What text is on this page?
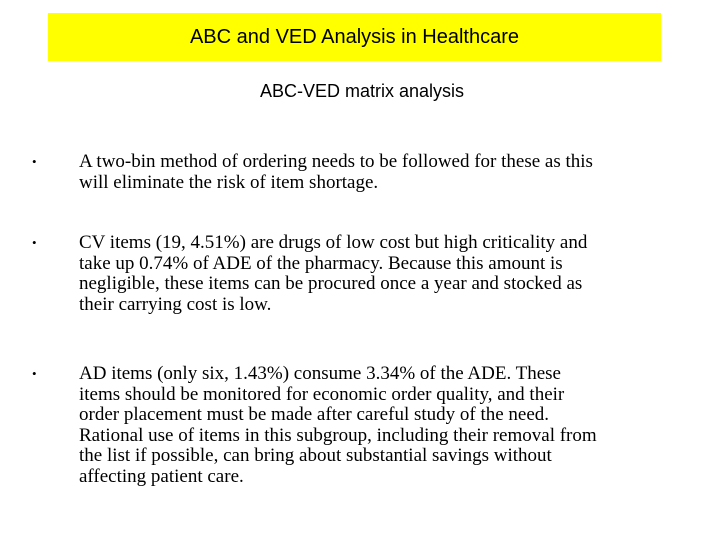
ABC and VED Analysis in Healthcare
ABC-VED matrix analysis
• A two-bin method of ordering needs to be followed for these as this
will eliminate the risk of item shortage.
• CV items (19, 4.51%) are drugs of low cost but high criticality and
take up 0.74% of ADE of the pharmacy. Because this amount is
negligible, these items can be procured once a year and stocked as
their carrying cost is low.
• AD items (only six, 1.43%) consume 3.34% of the ADE. These
items should be monitored for economic order quality, and their
order placement must be made after careful study of the need.
Rational use of items in this subgroup, including their removal from
the list if possible, can bring about substantial savings without
affecting patient care.
